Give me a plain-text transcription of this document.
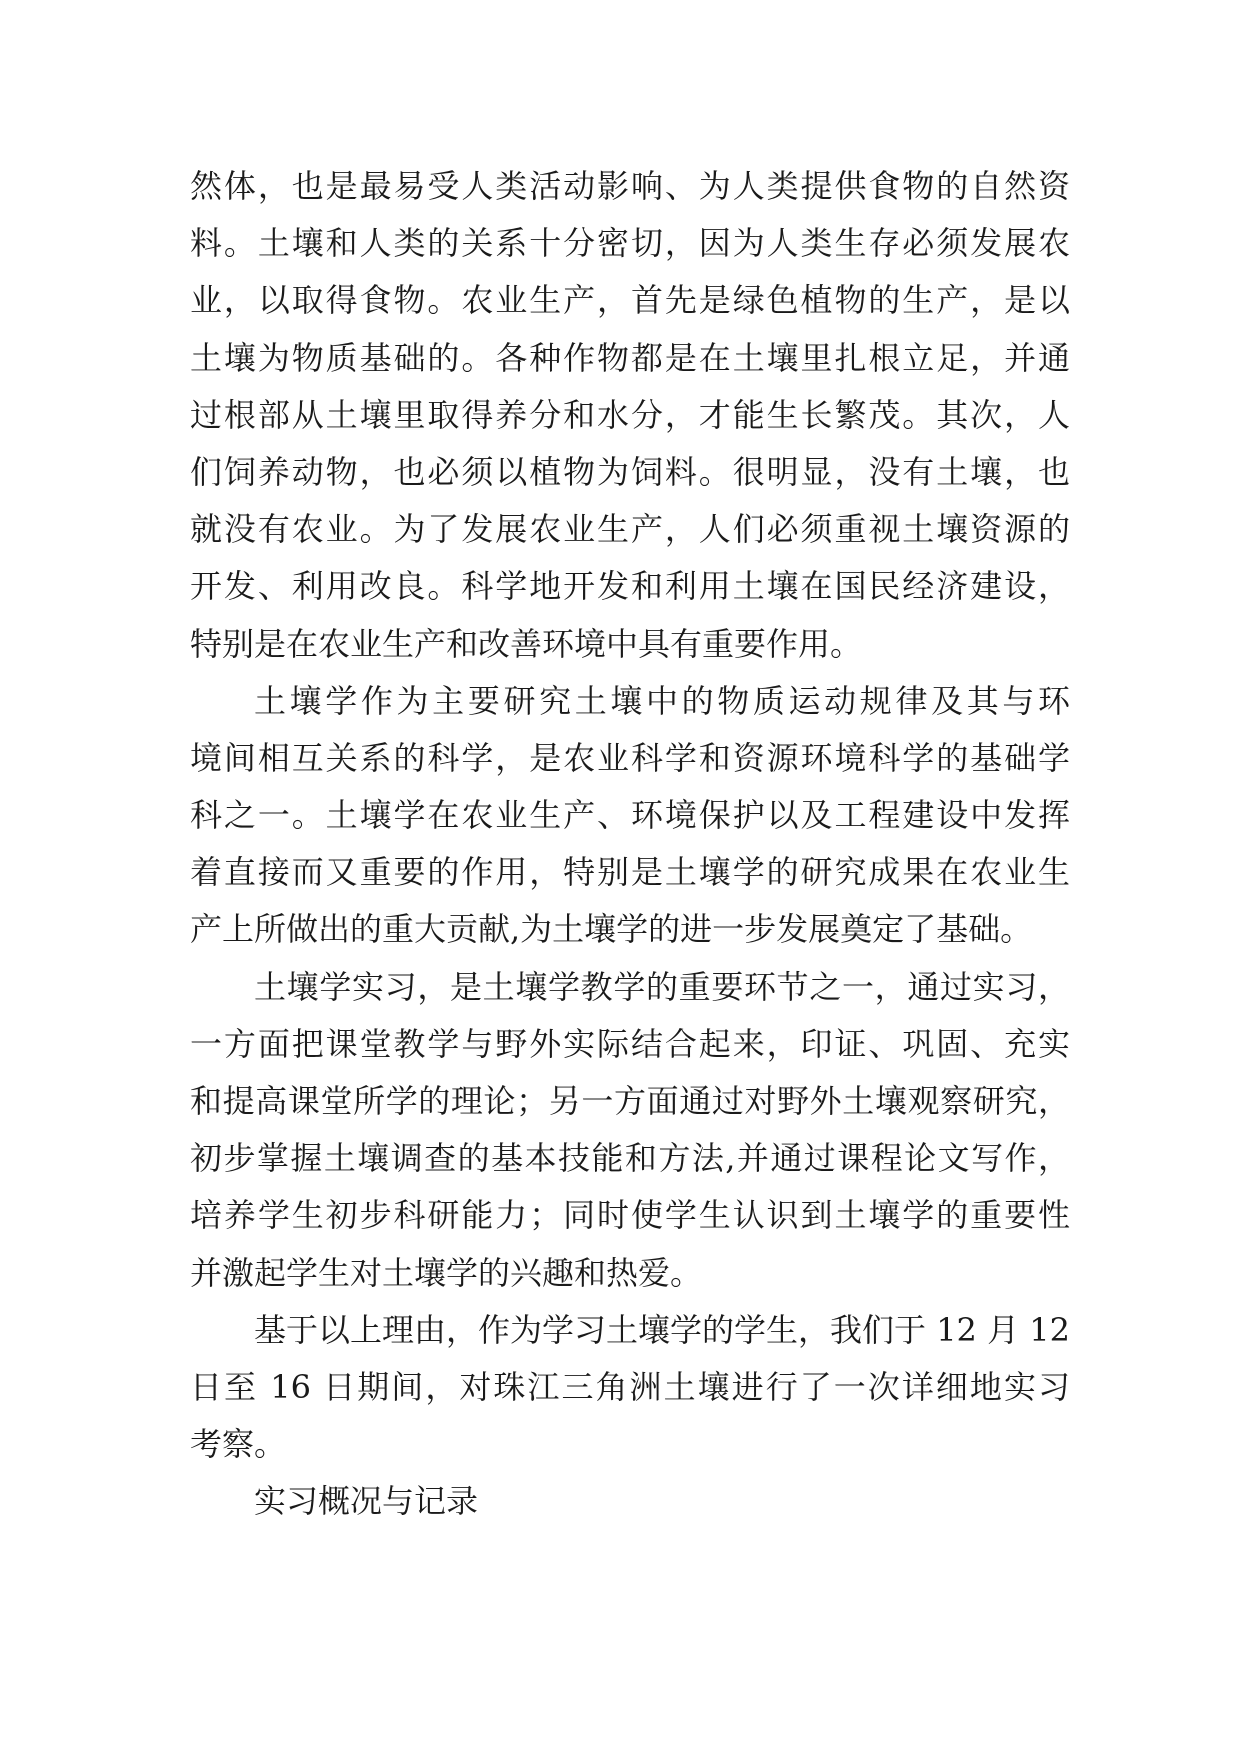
然体，也是最易受人类活动影响、为人类提供食物的自然资
料。土壤和人类的关系十分密切，因为人类生存必须发展农
业，以取得食物。农业生产，首先是绿色植物的生产，是以
土壤为物质基础的。各种作物都是在土壤里扎根立足，并通
过根部从土壤里取得养分和水分，才能生长繁茂。其次，人
们饲养动物，也必须以植物为饲料。很明显，没有土壤，也
就没有农业。为了发展农业生产，人们必须重视土壤资源的
开发、利用改良。科学地开发和利用土壤在国民经济建设，
特别是在农业生产和改善环境中具有重要作用。
土壤学作为主要研究土壤中的物质运动规律及其与环
境间相互关系的科学，是农业科学和资源环境科学的基础学
科之一。土壤学在农业生产、环境保护以及工程建设中发挥
着直接而又重要的作用，特别是土壤学的研究成果在农业生
产上所做出的重大贡献,为土壤学的进一步发展奠定了基础。
土壤学实习，是土壤学教学的重要环节之一，通过实习，
一方面把课堂教学与野外实际结合起来，印证、巩固、充实
和提高课堂所学的理论；另一方面通过对野外土壤观察研究，
初步掌握土壤调查的基本技能和方法,并通过课程论文写作，
培养学生初步科研能力；同时使学生认识到土壤学的重要性
并激起学生对土壤学的兴趣和热爱。
基于以上理由，作为学习土壤学的学生，我们于 12 月 12
日至 16 日期间，对珠江三角洲土壤进行了一次详细地实习
考察。
实习概况与记录
